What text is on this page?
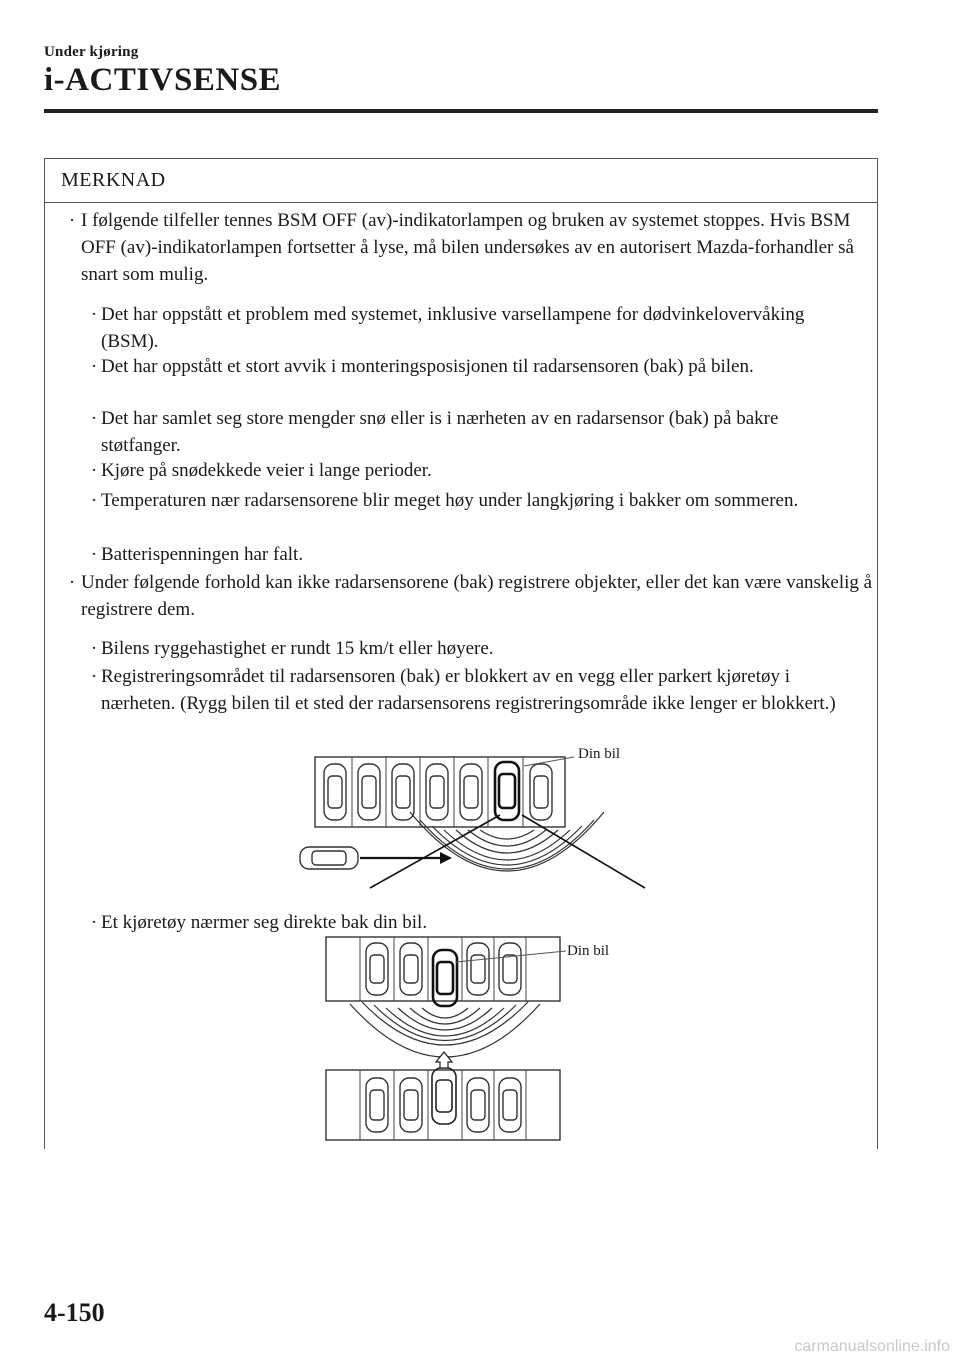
Under kjøring
i-ACTIVSENSE
MERKNAD
· I følgende tilfeller tennes BSM OFF (av)-indikatorlampen og bruken av systemet stoppes. Hvis BSM OFF (av)-indikatorlampen fortsetter å lyse, må bilen undersøkes av en autorisert Mazda-forhandler så snart som mulig.
· Det har oppstått et problem med systemet, inklusive varsellampene for dødvinkelovervåking (BSM).
· Det har oppstått et stort avvik i monteringsposisjonen til radarsensoren (bak) på bilen.
· Det har samlet seg store mengder snø eller is i nærheten av en radarsensor (bak) på bakre støtfanger.
· Kjøre på snødekkede veier i lange perioder.
· Temperaturen nær radarsensorene blir meget høy under langkjøring i bakker om sommeren.
· Batterispenningen har falt.
· Under følgende forhold kan ikke radarsensorene (bak) registrere objekter, eller det kan være vanskelig å registrere dem.
· Bilens ryggehastighet er rundt 15 km/t eller høyere.
· Registreringsområdet til radarsensoren (bak) er blokkert av en vegg eller parkert kjøretøy i nærheten. (Rygg bilen til et sted der radarsensorens registreringsområde ikke lenger er blokkert.)
· Et kjøretøy nærmer seg direkte bak din bil.
Din bil
Din bil
4-150
carmanualsonline.info
